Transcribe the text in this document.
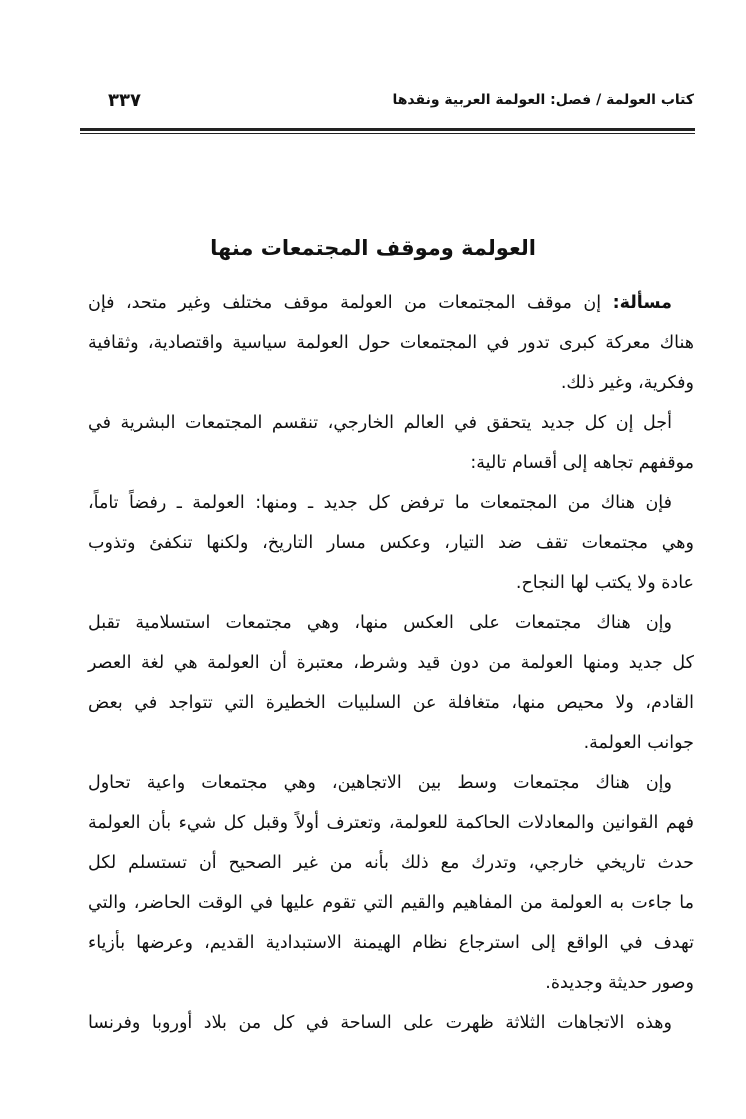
كتاب العولمة / فصل: العولمة العربية ونقدها
٣٣٧
العولمة وموقف المجتمعات منها
مسألة: إن موقف المجتمعات من العولمة موقف مختلف وغير متحد، فإن
هناك معركة كبرى تدور في المجتمعات حول العولمة سياسية واقتصادية، وثقافية
وفكرية، وغير ذلك.
أجل إن كل جديد يتحقق في العالم الخارجي، تنقسم المجتمعات البشرية في
موقفهم تجاهه إلى أقسام تالية:
فإن هناك من المجتمعات ما ترفض كل جديد ـ ومنها: العولمة ـ رفضاً تاماً،
وهي مجتمعات تقف ضد التيار، وعكس مسار التاريخ، ولكنها تنكفئ وتذوب
عادة ولا يكتب لها النجاح.
وإن هناك مجتمعات على العكس منها، وهي مجتمعات استسلامية تقبل
كل جديد ومنها العولمة من دون قيد وشرط، معتبرة أن العولمة هي لغة العصر
القادم، ولا محيص منها، متغافلة عن السلبيات الخطيرة التي تتواجد في بعض
جوانب العولمة.
وإن هناك مجتمعات وسط بين الاتجاهين، وهي مجتمعات واعية تحاول
فهم القوانين والمعادلات الحاكمة للعولمة، وتعترف أولاً وقبل كل شيء بأن العولمة
حدث تاريخي خارجي، وتدرك مع ذلك بأنه من غير الصحيح أن تستسلم لكل
ما جاءت به العولمة من المفاهيم والقيم التي تقوم عليها في الوقت الحاضر، والتي
تهدف في الواقع إلى استرجاع نظام الهيمنة الاستبدادية القديم، وعرضها بأزياء
وصور حديثة وجديدة.
وهذه الاتجاهات الثلاثة ظهرت على الساحة في كل من بلاد أوروبا وفرنسا
